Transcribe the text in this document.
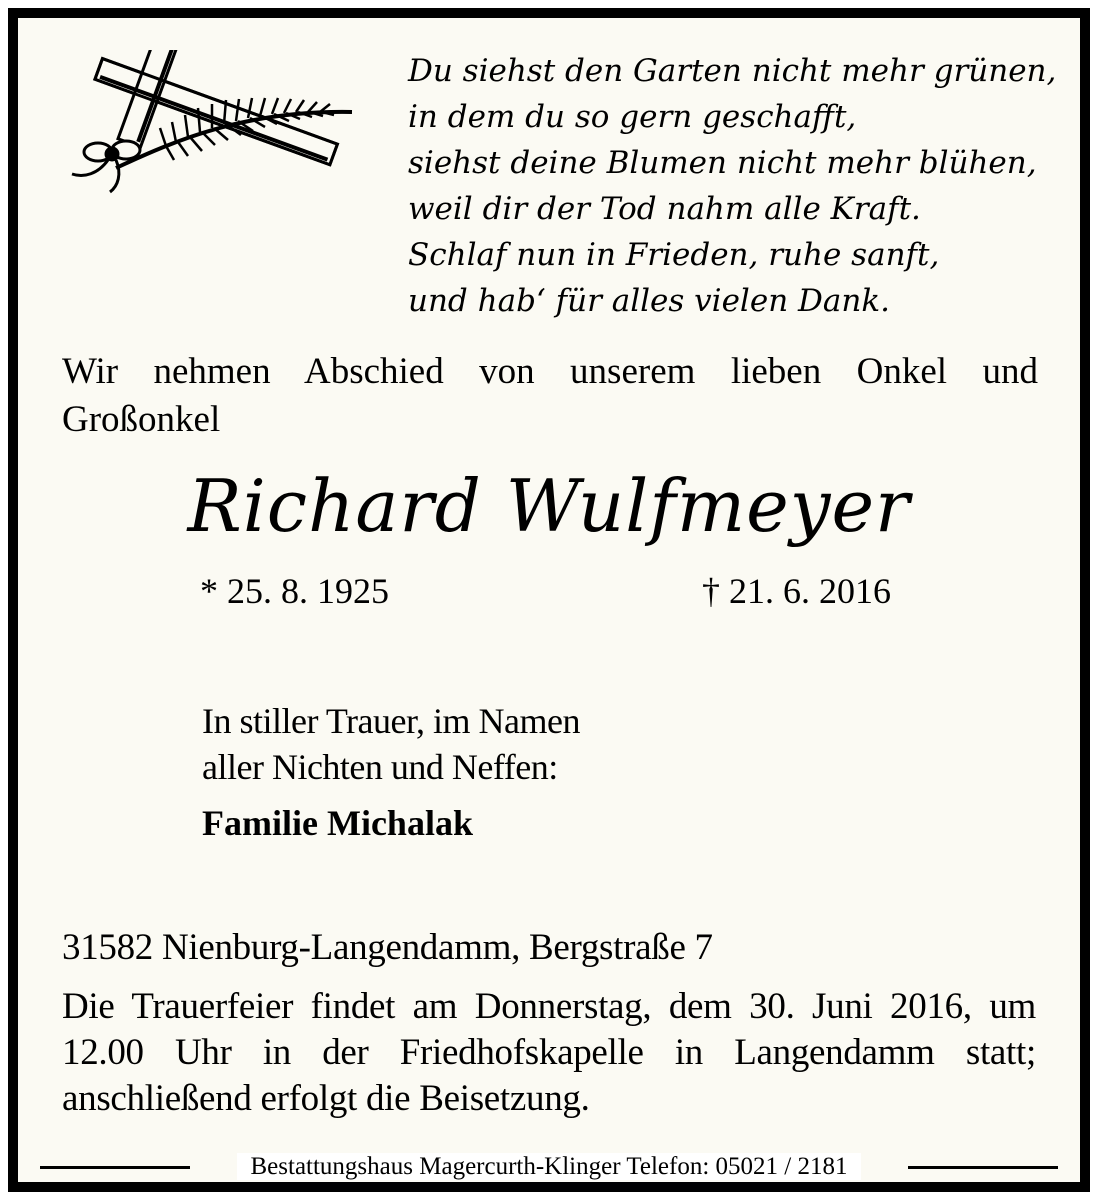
Du siehst den Garten nicht mehr grünen,
in dem du so gern geschafft,
siehst deine Blumen nicht mehr blühen,
weil dir der Tod nahm alle Kraft.
Schlaf nun in Frieden, ruhe sanft,
und hab‘ für alles vielen Dank.
Wir nehmen Abschied von unserem lieben Onkel und Großonkel
Richard Wulfmeyer
* 25. 8. 1925	† 21. 6. 2016
In stiller Trauer, im Namen
aller Nichten und Neffen:
Familie Michalak
31582 Nienburg-Langendamm, Bergstraße 7
Die Trauerfeier findet am Donnerstag, dem 30. Juni 2016, um 12.00 Uhr in der Friedhofskapelle in Langendamm statt; anschließend erfolgt die Beisetzung.
Bestattungshaus Magercurth-Klinger Telefon: 05021 / 2181
